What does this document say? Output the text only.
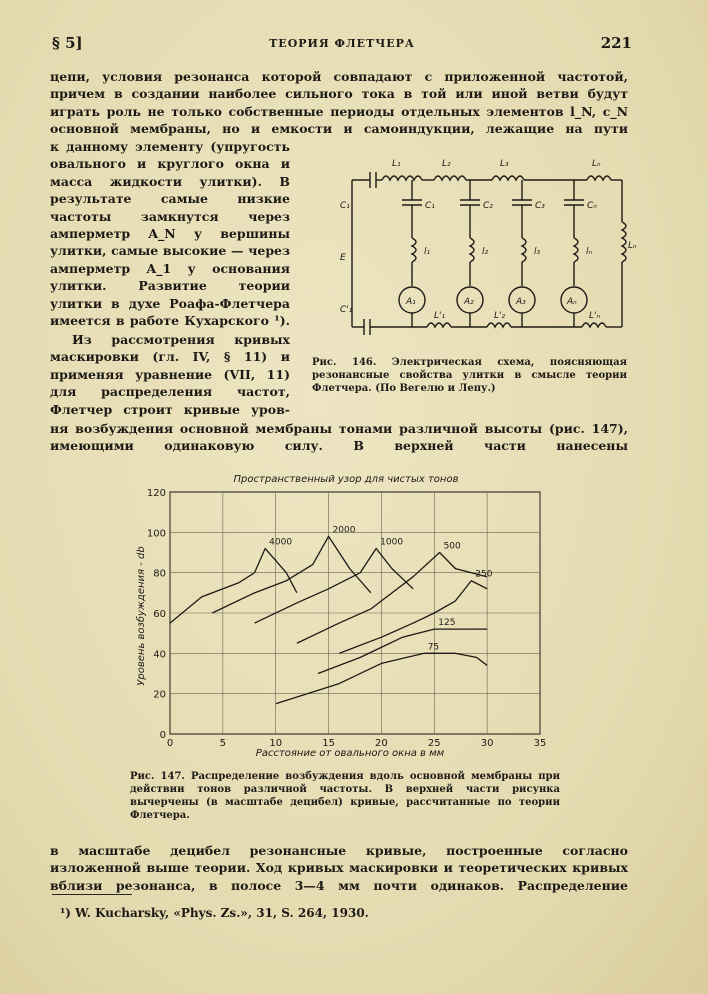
§ 5]	ТЕОРИЯ ФЛЕТЧЕРА	221

цепи, условия резонанса которой совпадают с приложенной частотой, причем в создании наиболее сильного тока в той или иной ветви будут играть роль не только собственные периоды отдельных элементов l_N, c_N основной мембраны, но и емкости и самоиндукции, лежащие на пути

к данному элементу (упругость овального и круглого окна и масса жидкости улитки). В результате самые низкие частоты замкнутся через амперметр A_N у вершины улитки, самые высокие — через амперметр A_1 у основания улитки. Развитие теории улитки в духе Роафа-Флетчера имеется в работе Кухарского ¹).

Из рассмотрения кривых маскировки (гл. IV, § 11) и применяя уравнение (VII, 11) для распределения частот, Флетчер строит кривые уров-

L₁	L₂	L₃	Lₙ
C₁
E
C'₁
C₁	C₂	C₃	Cₙ
l₁	l₂	l₃	lₙ
Lₙ
A₁	A₂	A₃	Aₙ
L'₁	L'₂	L'ₙ

Рис. 146. Электрическая схема, поясняющая резонансные свойства улитки в смысле теории Флетчера. (По Вегелю и Лепу.)

ня возбуждения основной мембраны тонами различной высоты (рис. 147), имеющими одинаковую силу. В верхней части нанесены

4000
2000
1000	500
250
125
75
0	5	10	15	20	25	30	35
0
20
40
60
80
100
120
Пространственный узор для чистых тонов
Расстояние от овального окна в мм
Уровень возбуждения - db

Рис. 147. Распределение возбуждения вдоль основной мембраны при действии тонов различной частоты. В верхней части рисунка вычерчены (в масштабе децибел) кривые, рассчитанные по теории Флетчера.

в масштабе децибел резонансные кривые, построенные согласно изложенной выше теории. Ход кривых маскировки и теоретических кривых вблизи резонанса, в полосе 3—4 мм почти одинаков. Распределение

¹) W. Kucharsky, «Phys. Zs.», 31, S. 264, 1930.
